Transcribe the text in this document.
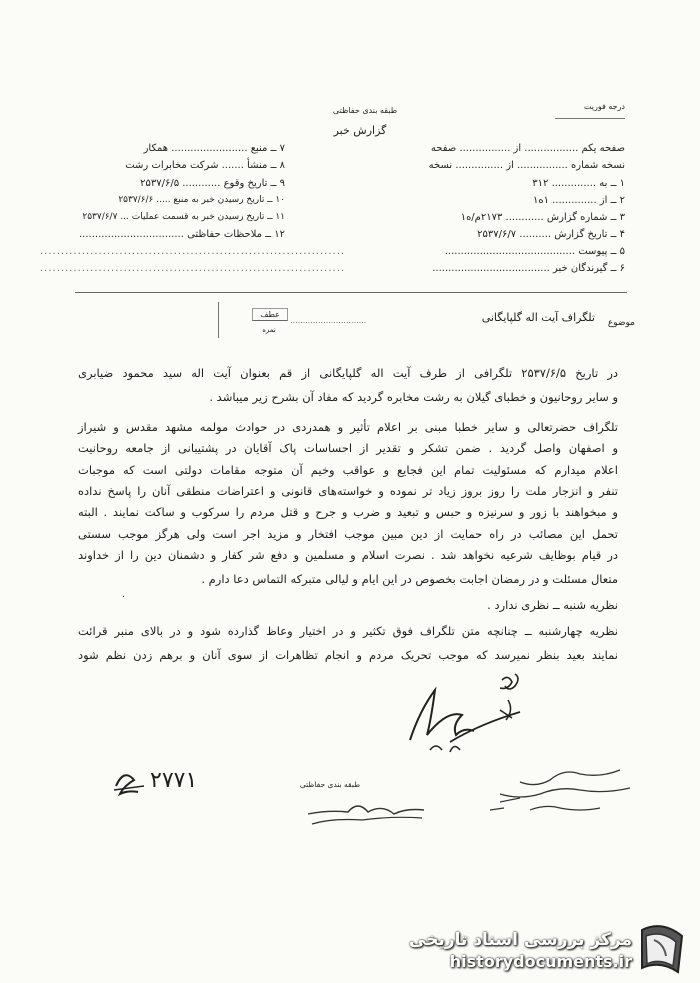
طبقه بندی حفاظتی
گزارش خبر
درجه فوریت
صفحه یکم ................. از ................ صفحه
نسخه شماره ................ از ............... نسخه
۱ ــ به .............. ۳۱۲
۲ ــ از .............. ۱ه۱
۳ ــ شماره گزارش ............ ۲۱۷۳م/ه۱
۴ ــ تاریخ گزارش .......... ۲۵۳۷/۶/۷
۵ ــ پیوست .........................................
۶ ــ گیرندگان خبر .....................................
۷ ــ منبع ........................ همکار
۸ ــ منشأ ....... شرکت مخابرات رشت
۹ ــ تاریخ وقوع ............ ۲۵۳۷/۶/۵
۱۰ ــ تاریخ رسیدن خبر به منبع ..... ۲۵۳۷/۶/۶
۱۱ ــ تاریخ رسیدن خبر به قسمت عملیات ... ۲۵۳۷/۶/۷
۱۲ ــ ملاحظات حفاظتی .................................
.........................................................................
.........................................................................
موضوع
تلگراف آیت اله گلپایگانی
..............................
عطف
نمره
در تاریخ ۲۵۳۷/۶/۵ تلگرافی از طرف آیت اله گلپایگانی از قم بعنوان آیت اله سید محمود ضیابری
و سایر روحانیون و خطبای گیلان به رشت مخابره گردید که مفاد آن بشرح زیر میباشد .
تلگراف حضرتعالی و سایر خطبا مبنی بر اعلام تأثیر و همدردی در حوادث مولمه مشهد مقدس و شیراز
و اصفهان واصل گردید . ضمن تشکر و تقدیر از احساسات پاک آقایان در پشتیبانی از جامعه روحانیت
اعلام میدارم که مسئولیت تمام این فجایع و عواقب وخیم آن متوجه مقامات دولتی است که موجبات
تنفر و انزجار ملت را روز بروز زیاد تر نموده و خواسته‌های قانونی و اعتراضات منطقی آنان را پاسخ نداده
و مبخواهند با زور و سرنیزه و حبس و تبعید و ضرب و جرح و قتل مردم را سرکوب و ساکت نمایند . البته
تحمل این مصائب در راه حمایت از دین مبین موجب افتخار و مزید اجر است ولی هرگز موجب سستی
در قیام بوظایف شرعیه نخواهد شد . نصرت اسلام و مسلمین و دفع شر کفار و دشمنان دین را از خداوند
متعال مسئلت و در رمضان اجابت بخصوص در این ایام و لیالی متبرکه التماس دعا دارم .
نظریه شنبه ــ نظری ندارد .
نظریه چهارشنبه ــ چنانچه متن تلگراف فوق تکثیر و در اختیار وعاظ گذارده شود و در بالای منبر قرائت
نمایند بعید بنظر نمیرسد که موجب تحریک مردم و انجام تظاهرات از سوی آنان و برهم زدن نظم شود
·
۲۷۷۱	طبقه بندی حفاظتی
مرکز بررسی اسناد تاریخی
historydocuments.ir
